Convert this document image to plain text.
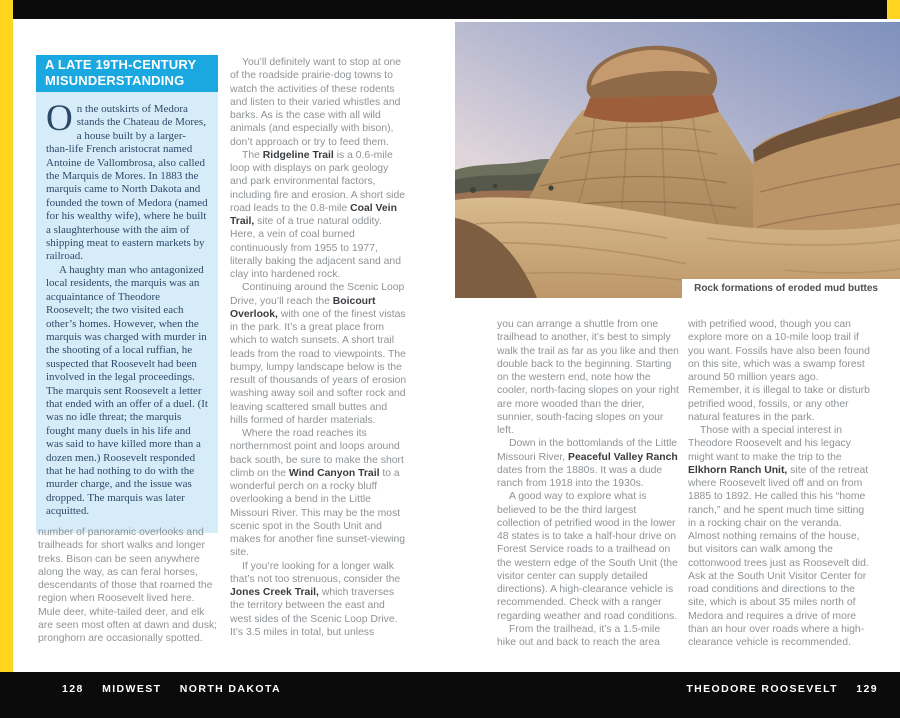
A LATE 19TH-CENTURY MISUNDERSTANDING

On the outskirts of Medora stands the Chateau de Mores, a house built by a larger-than-life French aristocrat named Antoine de Vallombrosa, also called the Marquis de Mores. In 1883 the marquis came to North Dakota and founded the town of Medora (named for his wealthy wife), where he built a slaughterhouse with the aim of shipping meat to eastern markets by railroad.

A haughty man who antagonized local residents, the marquis was an acquaintance of Theodore Roosevelt; the two visited each other’s homes. However, when the marquis was charged with murder in the shooting of a local ruffian, he suspected that Roosevelt had been involved in the legal proceedings. The marquis sent Roosevelt a letter that ended with an offer of a duel. (It was no idle threat; the marquis fought many duels in his life and was said to have killed more than a dozen men.) Roosevelt responded that he had nothing to do with the murder charge, and the issue was dropped. The marquis was later acquitted.

number of panoramic overlooks and trailheads for short walks and longer treks. Bison can be seen anywhere along the way, as can feral horses, descendants of those that roamed the region when Roosevelt lived here. Mule deer, white-tailed deer, and elk are seen most often at dawn and dusk; pronghorn are occasionally spotted.

You’ll definitely want to stop at one of the roadside prairie-dog towns to watch the activities of these rodents and listen to their varied whistles and barks. As is the case with all wild animals (and especially with bison), don’t approach or try to feed them.

The Ridgeline Trail is a 0.6-mile loop with displays on park geology and park environmental factors, including fire and erosion. A short side road leads to the 0.8-mile Coal Vein Trail, site of a true natural oddity. Here, a vein of coal burned continuously from 1955 to 1977, literally baking the adjacent sand and clay into hardened rock.

Continuing around the Scenic Loop Drive, you’ll reach the Boicourt Overlook, with one of the finest vistas in the park. It’s a great place from which to watch sunsets. A short trail leads from the road to viewpoints. The bumpy, lumpy landscape below is the result of thousands of years of erosion washing away soil and softer rock and leaving scattered small buttes and hills formed of harder materials.

Where the road reaches its northernmost point and loops around back south, be sure to make the short climb on the Wind Canyon Trail to a wonderful perch on a rocky bluff overlooking a bend in the Little Missouri River. This may be the most scenic spot in the South Unit and makes for another fine sunset-viewing site.

If you’re looking for a longer walk that’s not too strenuous, consider the Jones Creek Trail, which traverses the territory between the east and west sides of the Scenic Loop Drive. It’s 3.5 miles in total, but unless

you can arrange a shuttle from one trailhead to another, it’s best to simply walk the trail as far as you like and then double back to the beginning. Starting on the western end, note how the cooler, north-facing slopes on your right are more wooded than the drier, sunnier, south-facing slopes on your left.

Down in the bottomlands of the Little Missouri River, Peaceful Valley Ranch dates from the 1880s. It was a dude ranch from 1918 into the 1930s.

A good way to explore what is believed to be the third largest collection of petrified wood in the lower 48 states is to take a half-hour drive on Forest Service roads to a trailhead on the western edge of the South Unit (the visitor center can supply detailed directions). A high-clearance vehicle is recommended. Check with a ranger regarding weather and road conditions.

From the trailhead, it’s a 1.5-mile hike out and back to reach the area

with petrified wood, though you can explore more on a 10-mile loop trail if you want. Fossils have also been found on this site, which was a swamp forest around 50 million years ago. Remember, it is illegal to take or disturb petrified wood, fossils, or any other natural features in the park.

Those with a special interest in Theodore Roosevelt and his legacy might want to make the trip to the Elkhorn Ranch Unit, site of the retreat where Roosevelt lived off and on from 1885 to 1892. He called this his “home ranch,” and he spent much time sitting in a rocking chair on the veranda. Almost nothing remains of the house, but visitors can walk among the cottonwood trees just as Roosevelt did. Ask at the South Unit Visitor Center for road conditions and directions to the site, which is about 35 miles north of Medora and requires a drive of more than an hour over roads where a high-clearance vehicle is recommended.

Rock formations of eroded mud buttes
128 MIDWEST NORTH DAKOTA	THEODORE ROOSEVELT 129
